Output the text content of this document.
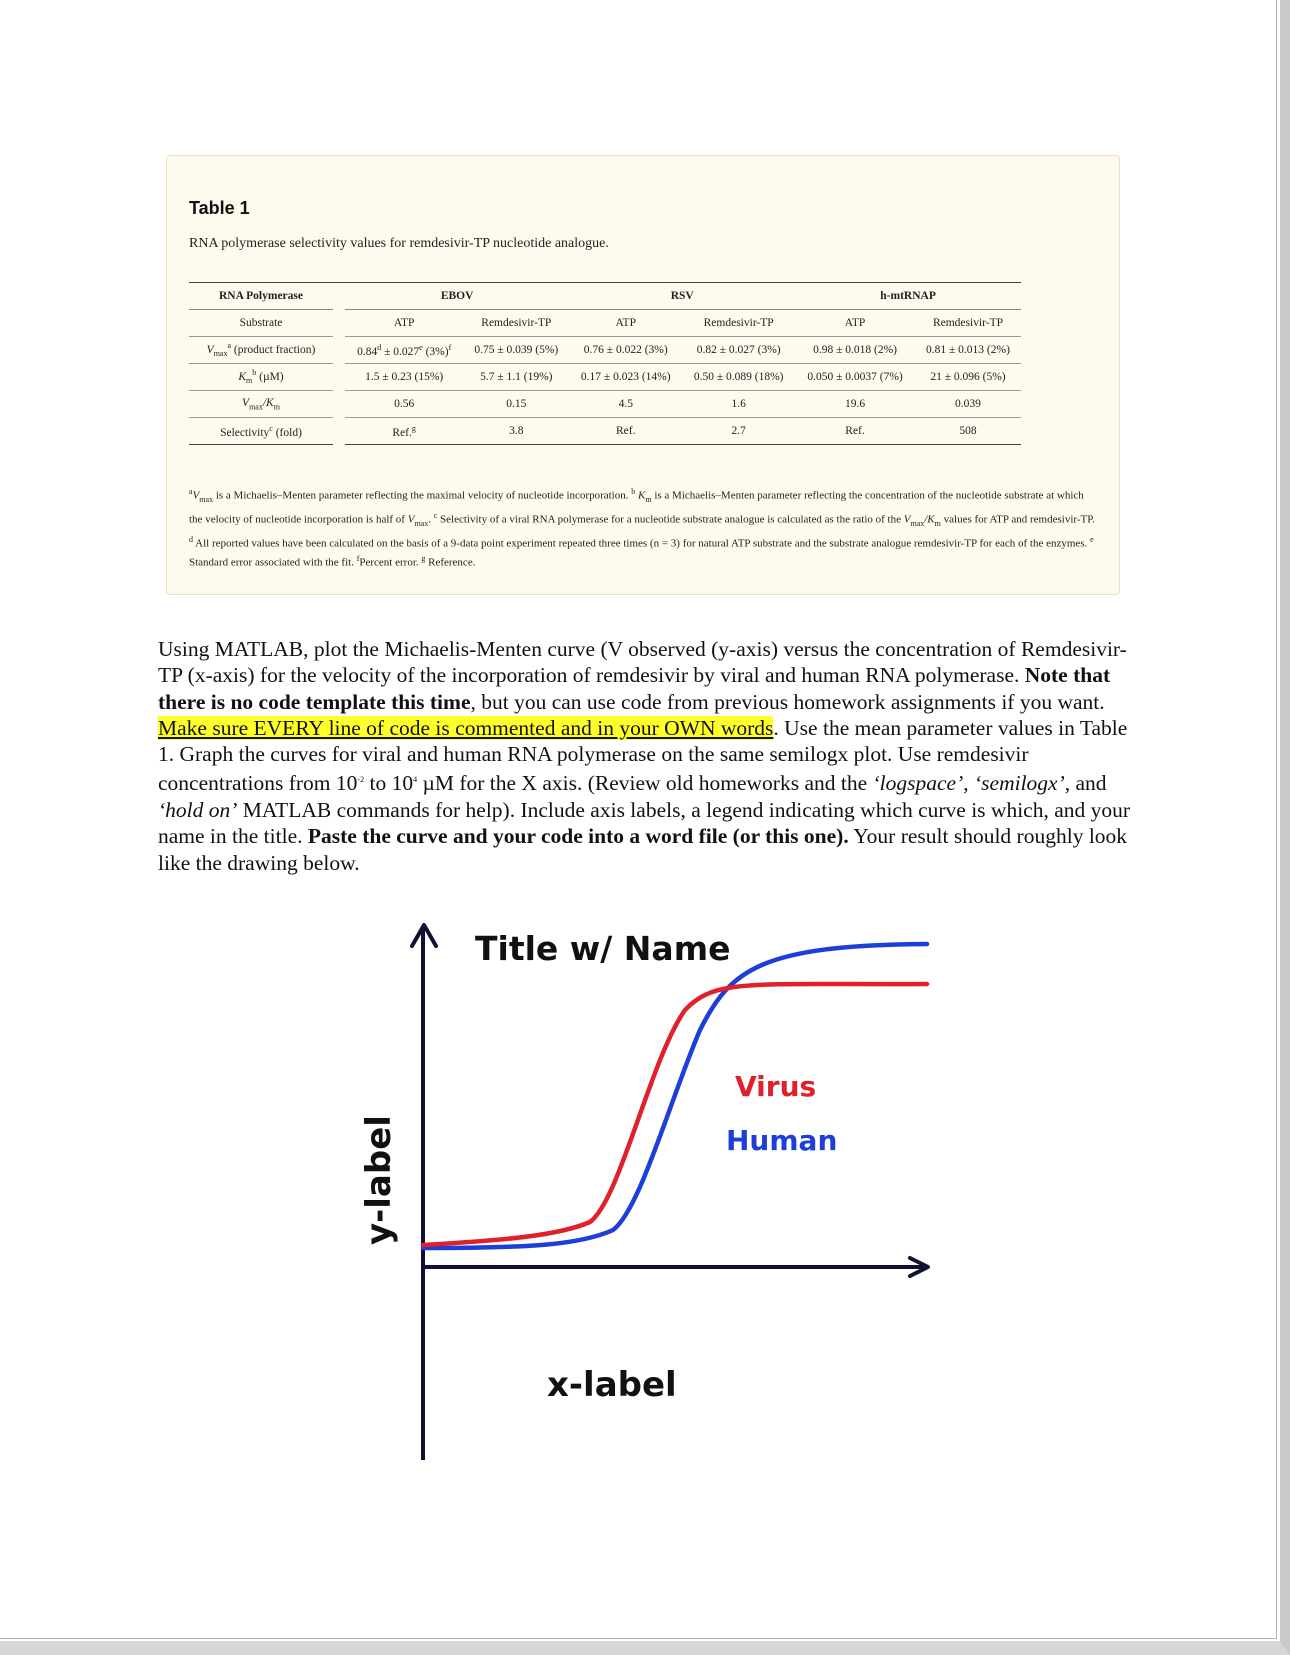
Table 1
RNA polymerase selectivity values for remdesivir-TP nucleotide analogue.
RNA Polymerase		EBOV		RSV		h-mtRNAP	
Substrate		ATP	Remdesivir-TP	ATP	Remdesivir-TP	ATP	Remdesivir-TP
$V_{max}^a$ (product fraction)		0.84$^d$ ± 0.027$^e$ $(3\%)^f$	0.75 ± 0.039 (5%)	0.76 ± 0.022 (3%)	0.82 ± 0.027 (3%)	0.98 ± 0.018 (2%)	0.81 ± 0.013 (2%)
$K_m^b$ (µM)		1.5 ± 0.23 (15%)	5.7 ± 1.1 (19%)	0.17 ± 0.023 (14%)	0.50 ± 0.089 (18%)	0.050 ± 0.0037 (7%)	21 ± 0.096 (5%)
$V_{max}/K_m$		0.56	0.15	4.5	1.6	19.6	0.039
Selectivity$^c$ (fold)		Ref.$^g$	3.8	Ref.	2.7	Ref.	508
$^aV_{max}$ is a Michaelis–Menten parameter reflecting the maximal velocity of nucleotide incorporation. $^b$ $K_m$ is a Michaelis–Menten parameter reflecting the concentration of the nucleotide substrate at which the velocity of nucleotide incorporation is half of $V_{max}$. $^c$ Selectivity of a viral RNA polymerase for a nucleotide substrate analogue is calculated as the ratio of the $V_{max}/K_m$ values for ATP and remdesivir-TP. $^d$ All reported values have been calculated on the basis of a 9-data point experiment repeated three times (n = 3) for natural ATP substrate and the substrate analogue remdesivir-TP for each of the enzymes. $^e$ Standard error associated with the fit. $^f$Percent error. $^g$ Reference.
Using MATLAB, plot the Michaelis-Menten curve (V observed (y-axis) versus the concentration of Remdesivir-TP (x-axis) for the velocity of the incorporation of remdesivir by viral and human RNA polymerase. Note that there is no code template this time, but you can use code from previous homework assignments if you want. Make sure EVERY line of code is commented and in your OWN words. Use the mean parameter values in Table 1. Graph the curves for viral and human RNA polymerase on the same semilogx plot. Use remdesivir concentrations from $10^{-2}$ to $10^4$ µM for the X axis. (Review old homeworks and the ‘logspace’, ‘semilogx’, and ‘hold on’ MATLAB commands for help). Include axis labels, a legend indicating which curve is which, and your name in the title. Paste the curve and your code into a word file (or this one). Your result should roughly look like the drawing below.
Title w/ Name
Virus
Human
x-label
y-label
